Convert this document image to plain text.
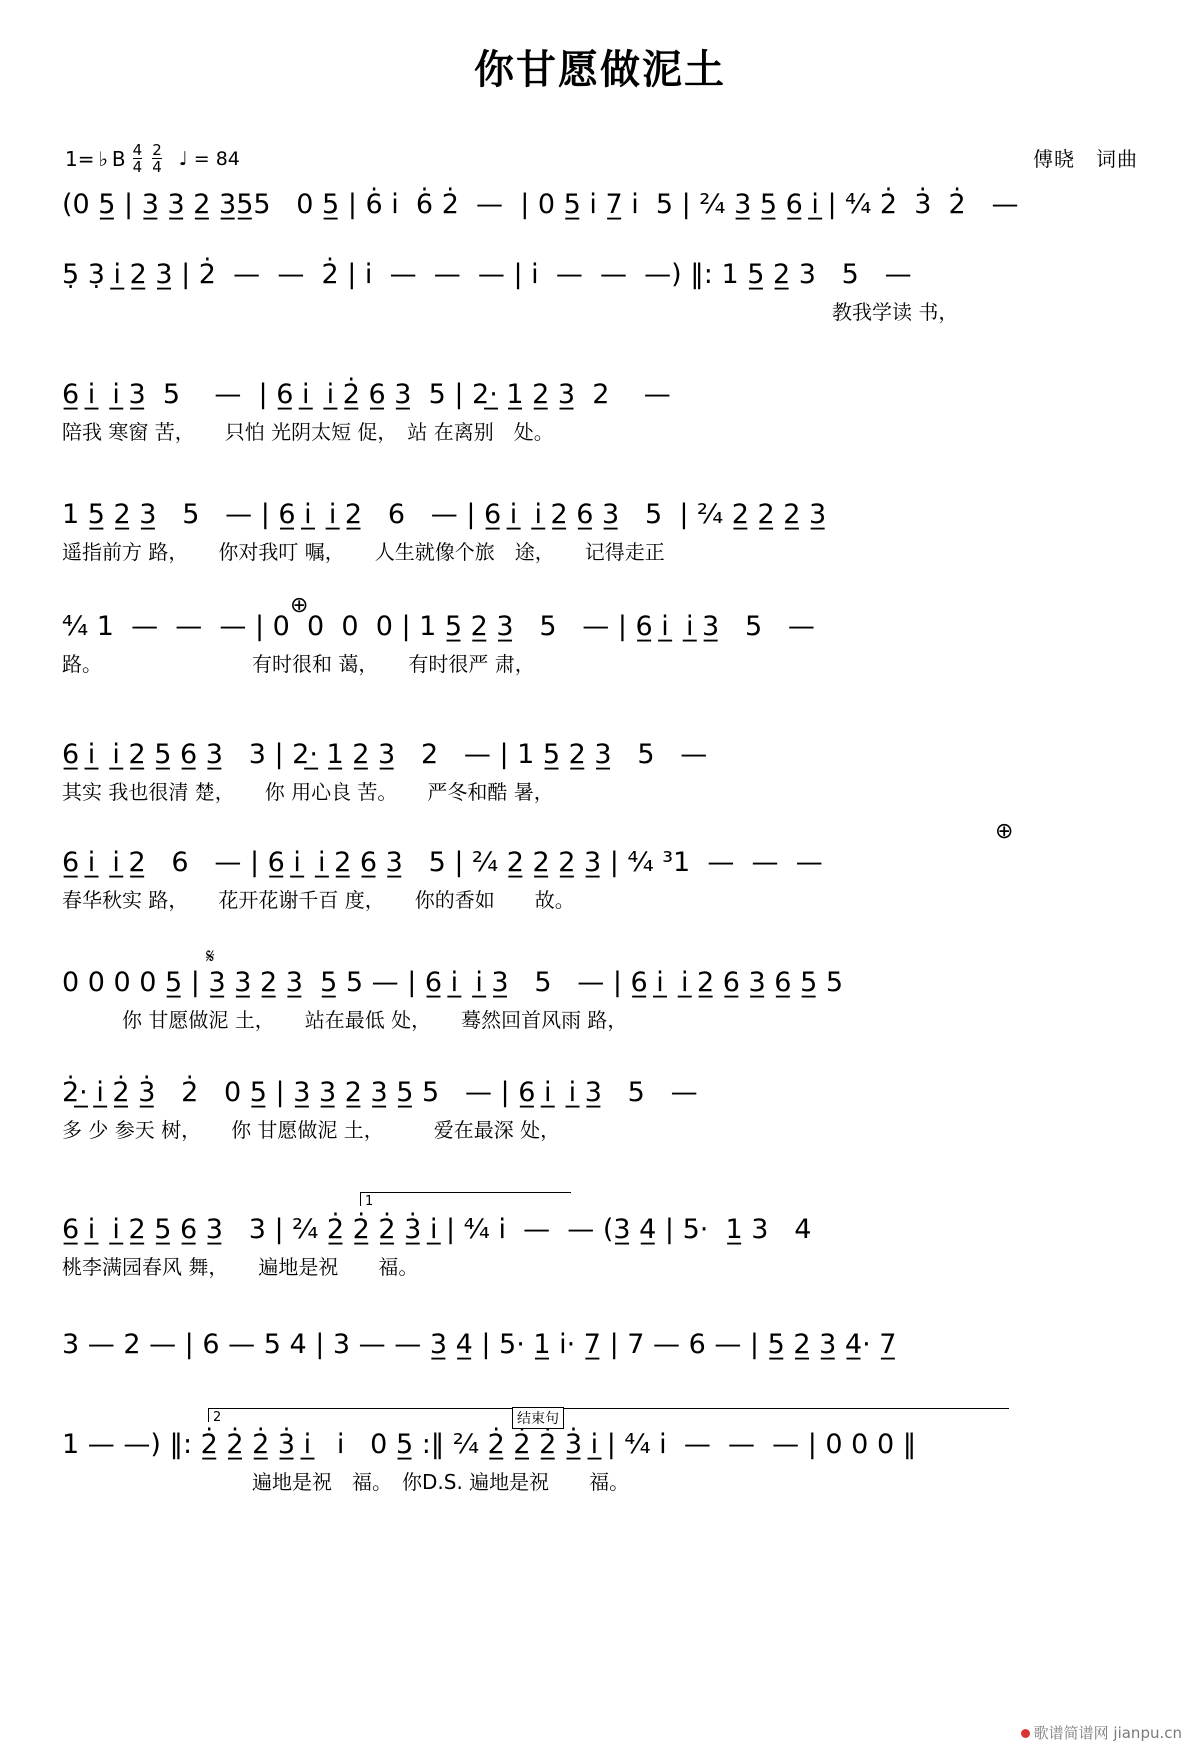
你甘愿做泥土
1= ♭ B $\frac{4}{4} \frac{2}{4}$ ♩ = 84	傅晓　词曲
(0 5̲ | 3̲ 3̲ 2̲ 3̲5̲5   0 5̲ | 6̇ i̇  6̇ 2̇  —  | 0 5̲ i̇ 7̲ i̇  5 | ²⁄₄ 3̲ 5̲ 6̲ i̲̇ | ⁴⁄₄ 2̇  3̇  2̇   —
5̣ 3̣ i̲ 2̲ 3̲ | 2̇  —  —  2̇ | i̇  —  —  — | i̇  —  —  —) ‖: 1 5̲ 2̲ 3   5   —
教我学读 书，
6̲ i̲  i̲ 3̲  5    —  | 6̲ i̲  i̲ 2̲̇ 6̲ 3̲  5 | 2·̲ 1̲ 2̲ 3̲  2    —
陪我 寒窗 苦，　　只怕 光阴太短 促，　站 在离别　处。
1 5̲ 2̲ 3̲   5   — | 6̲ i̲  i̲ 2̲   6   — | 6̲ i̲  i̲ 2̲ 6̲ 3̲   5  | ²⁄₄ 2̲ 2̲ 2̲ 3̲
遥指前方 路，　　你对我叮 嘱，　　人生就像个旅　途，　　记得走正
⁴⁄₄ 1  —  —  — | 0  0  0  0 | 1 5̲ 2̲ 3̲   5   — | 6̲ i̲  i̲ 3̲   5   —
路。　　　　　　　　有时很和 蔼，　　有时很严 肃，
⊕
6̲ i̲  i̲ 2̲ 5̲ 6̲ 3̲   3 | 2·̲ 1̲ 2̲ 3̲   2   — | 1 5̲ 2̲ 3̲   5   —
其实 我也很清 楚，　　你 用心良 苦。　　严冬和酷 暑，
6̲ i̲  i̲ 2̲   6   — | 6̲ i̲  i̲ 2̲ 6̲ 3̲   5 | ²⁄₄ 2̲ 2̲ 2̲ 3̲ | ⁴⁄₄ ³1  —  —  —
春华秋实 路，　　花开花谢千百 度，　　你的香如　　故。
⊕
0 0 0 0 5̲ | 3̲ 3̲ 2̲ 3̲  5̲ 5 — | 6̲ i̲  i̲ 3̲   5   — | 6̲ i̲  i̲ 2̲ 6̲ 3̲ 6̲ 5̲ 5
　　　你 甘愿做泥 土，　　站在最低 处，　　蓦然回首风雨 路，
𝄋
2̇·̲ i̲̇ 2̲̇ 3̲̇   2̇   0 5̲ | 3̲ 3̲ 2̲ 3̲ 5̲ 5   — | 6̲ i̲  i̲ 3̲   5   —
多 少 参天 树，　　你 甘愿做泥 土，　　　爱在最深 处，
6̲ i̲  i̲ 2̲ 5̲ 6̲ 3̲   3 | ²⁄₄ 2̲̇ 2̲̇ 2̲̇ 3̲̇ i̲̇ | ⁴⁄₄ i̇  —  — (3̲ 4̲ | 5·  1̲ 3   4
桃李满园春风 舞，　　遍地是祝　　福。
1
3 — 2 — | 6 — 5 4 | 3 — — 3̲ 4̲ | 5· 1̲ i̇· 7̲ | 7 — 6 — | 5̲ 2̲ 3̲ 4̲· 7̲
1 — —) ‖: 2̲̇ 2̲̇ 2̲̇ 3̲̇ i̲̇   i̇   0 5̲ :‖ ²⁄₄ 2̲̇ 2̲̇ 2̲̇ 3̲̇ i̲̇ | ⁴⁄₄ i̇  —  —  — | 0 0 0 ‖
遍地是祝　福。　你D.S. 遍地是祝　　福。
2	结束句
歌谱简谱网 jianpu.cn
